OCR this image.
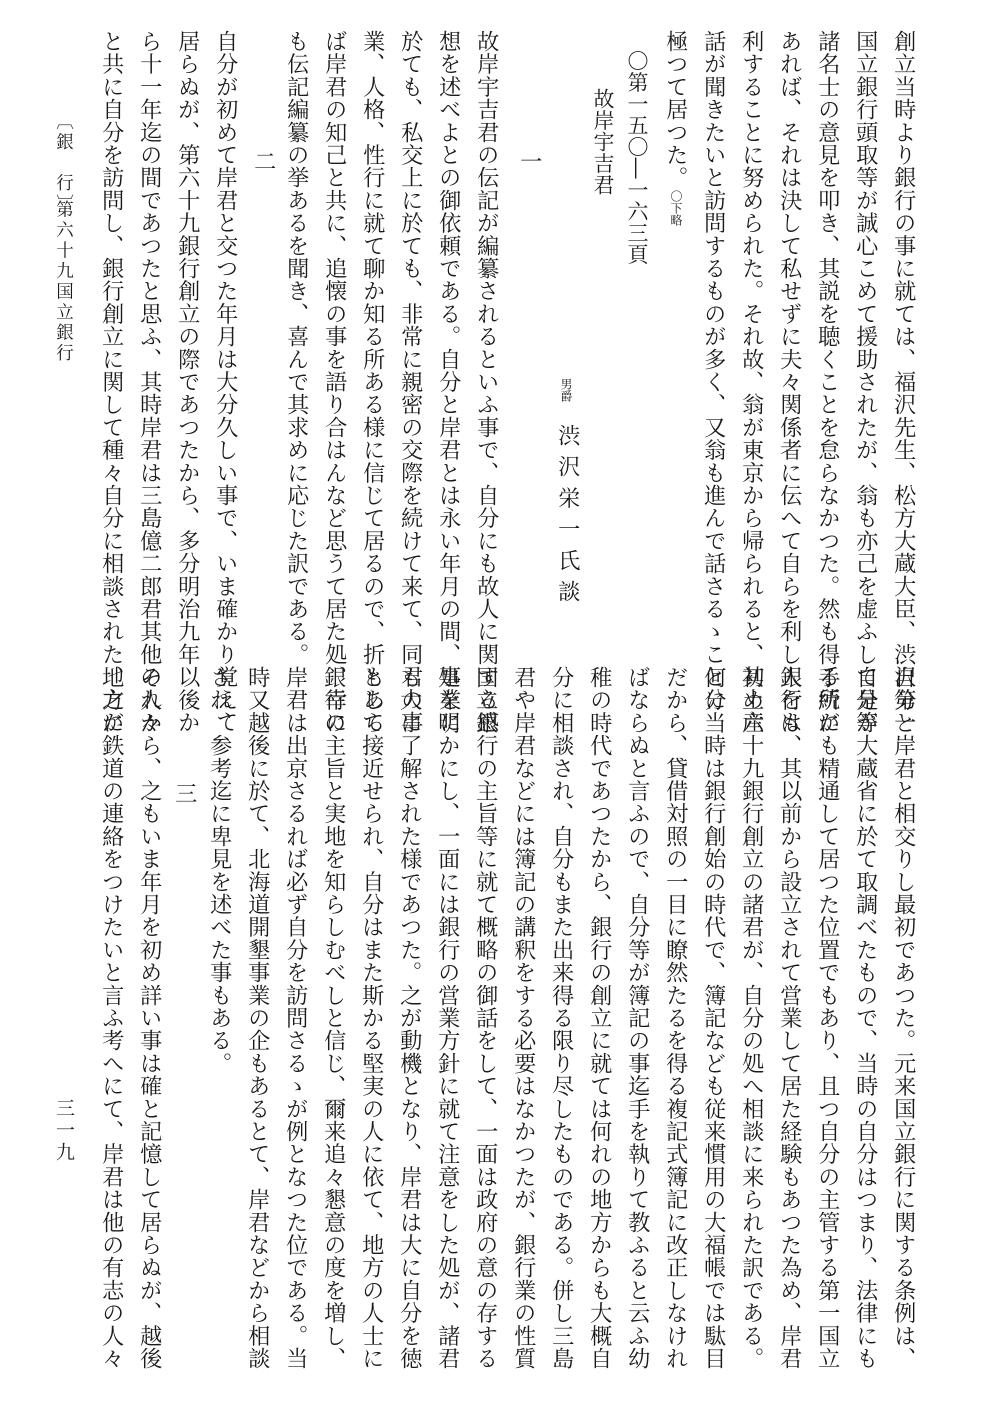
創立当時より銀行の事に就ては、福沢先生、松方大蔵大臣、渋沢第一
国立銀行頭取等が誠心こめて援助されたが、翁も亦己を虚ふして是等
諸名士の意見を叩き、其説を聴くことを怠らなかつた。然も得る所が
あれば、それは決して私せずに夫々関係者に伝へて自らを利し人をも
利することに努められた。それ故、翁が東京から帰られると、其土産
話が聞きたいと訪問するものが多く、又翁も進んで話さるゝことに
極つて居つた。
〇下略
〇第一五〇―一六三頁
故岸宇吉君
男爵
渋沢栄一氏談
一
故岸宇吉君の伝記が編纂されるといふ事で、自分にも故人に関する感
想を述べよとの御依頼である。自分と岸君とは永い年月の間、事業に
於ても、私交上に於ても、非常に親密の交際を続けて来て、同君の事
業、人格、性行に就て聊か知る所ある様に信じて居るので、折もあら
ば岸君の知己と共に、追懐の事を語り合はんなど思うて居た処、幸に
も伝記編纂の挙あるを聞き、喜んで其求めに応じた訳である。
二
自分が初めて岸君と交つた年月は大分久しい事で、いま確かり覚えて
居らぬが、第六十九銀行創立の際であつたから、多分明治九年以後か
ら十一年迄の間であつたと思ふ、其時岸君は三島億二郎君其他の人々
と共に自分を訪問し、銀行創立に関して種々自分に相談された、之が
自分と岸君と相交りし最初であつた。元来国立銀行に関する条例は、
自分が大蔵省に於て取調べたもので、当時の自分はつまり、法律にも
手続にも精通して居つた位置でもあり、且つ自分の主管する第一国立
銀行は、其以前から設立されて営業して居た経験もあつた為め、岸君
初め六十九銀行創立の諸君が、自分の処へ相談に来られた訳である。
何分当時は銀行創始の時代で、簿記なども従来慣用の大福帳では駄目
だから、貸借対照の一目に瞭然たるを得る複記式簿記に改正しなけれ
ばならぬと言ふので、自分等が簿記の事迄手を執りて教ふると云ふ幼
稚の時代であつたから、銀行の創立に就ては何れの地方からも大概自
分に相談され、自分もまた出来得る限り尽したものである。併し三島
君や岸君などには簿記の講釈をする必要はなかつたが、銀行業の性質
国立銀行の主旨等に就て概略の御話をして、一面は政府の意の存する
処を明かにし、一面には銀行の営業方針に就て注意をした処が、諸君
も大に了解された様であつた。之が動機となり、岸君は大に自分を徳
として接近せられ、自分はまた斯かる堅実の人に依て、地方の人士に
銀行の主旨と実地を知らしむべしと信じ、爾来追々懇意の度を増し、
岸君は出京さるれば必ず自分を訪問さるゝが例となつた位である。当
時又越後に於て、北海道開墾事業の企もあるとて、岸君などから相談
され、参考迄に卑見を述べた事もある。
三
それから、之もいま年月を初め詳い事は確と記憶して居らぬが、越後
地方に鉄道の連絡をつけたいと言ふ考へにて、岸君は他の有志の人々
〔銀　行〕
第六十九国立銀行
三一九
